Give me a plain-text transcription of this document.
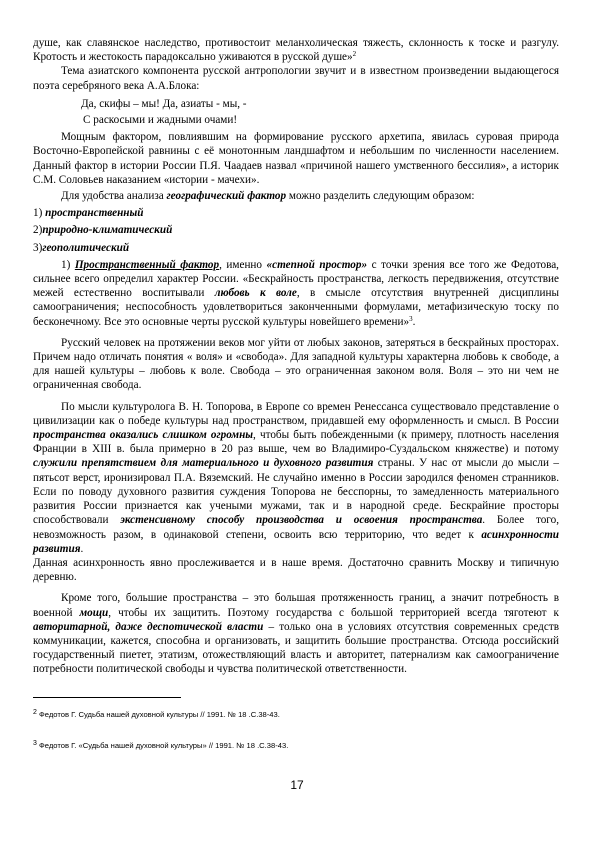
душе, как славянское наследство, противостоит меланхолическая тяжесть, склонность к тоске и разгулу. Кротость и жестокость парадоксально уживаются в русской душе»$^2$

Тема азиатского компонента русской антропологии звучит и в известном произведении выдающегося поэта серебряного века А.А.Блока:

Да, скифы – мы! Да, азиаты - мы, -

С раскосыми и жадными очами!

Мощным фактором, повлиявшим на формирование русского архетипа, явилась суровая природа Восточно-Европейской равнины с её монотонным ландшафтом и небольшим по численности населением. Данный фактор в истории России П.Я. Чаадаев назвал «причиной нашего умственного бессилия», а историк С.М. Соловьев наказанием «истории - мачехи».

Для удобства анализа географический фактор можно разделить следующим образом:

1) пространственный

2)природно-климатический

3)геополитический

1) Пространственный фактор, именно «степной простор» с точки зрения все того же Федотова, сильнее всего определил характер России. «Бескрайность пространства, легкость передвижения, отсутствие межей естественно воспитывали любовь к воле, в смысле отсутствия внутренней дисциплины самоограничения; неспособность удовлетвориться законченными формулами, метафизическую тоску по бесконечному. Все это основные черты русской культуры новейшего времени»$^3$.

Русский человек на протяжении веков мог уйти от любых законов, затеряться в бескрайных просторах. Причем надо отличать понятия « воля» и «свобода». Для западной культуры характерна любовь к свободе, а для нашей культуры – любовь к воле. Свобода – это ограниченная законом воля. Воля – это ни чем не ограниченная свобода.

По мысли культуролога В. Н. Топорова, в Европе со времен Ренессанса существовало представление о цивилизации как о победе культуры над пространством, придавшей ему оформленность и смысл. В России пространства оказались слишком огромны, чтобы быть побежденными (к примеру, плотность населения Франции в XIII в. была примерно в 20 раз выше, чем во Владимиро-Суздальском княжестве) и потому служили препятствием для материального и духовного развития страны. У нас от мысли до мысли – пятьсот верст, иронизировал П.А. Вяземский. Не случайно именно в России зародился феномен странников. Если по поводу духовного развития суждения Топорова не бесспорны, то замедленность материального развития России признается как учеными мужами, так и в народной среде. Бескрайние просторы способствовали экстенсивному способу производства и освоения пространства. Более того, невозможность разом, в одинаковой степени, освоить всю территорию, что ведет к асинхронности развития.

Данная асинхронность явно прослеживается и в наше время. Достаточно сравнить Москву и типичную деревню.

Кроме того, большие пространства – это большая протяженность границ, а значит потребность в военной мощи, чтобы их защитить. Поэтому государства с большой территорией всегда тяготеют к авторитарной, даже деспотической власти – только она в условиях отсутствия современных средств коммуникации, кажется, способна и организовать, и защитить большие пространства. Отсюда российский государственный пиетет, этатизм, отожествляющий власть и авторитет, патернализм как самоограничение потребности политической свободы и чувства политической ответственности.

$^2$ Федотов Г. Судьба нашей духовной культуры // 1991. № 18 .С.38-43.
$^3$ Федотов Г. «Судьба нашей духовной культуры» // 1991. № 18 .С.38-43.
17
